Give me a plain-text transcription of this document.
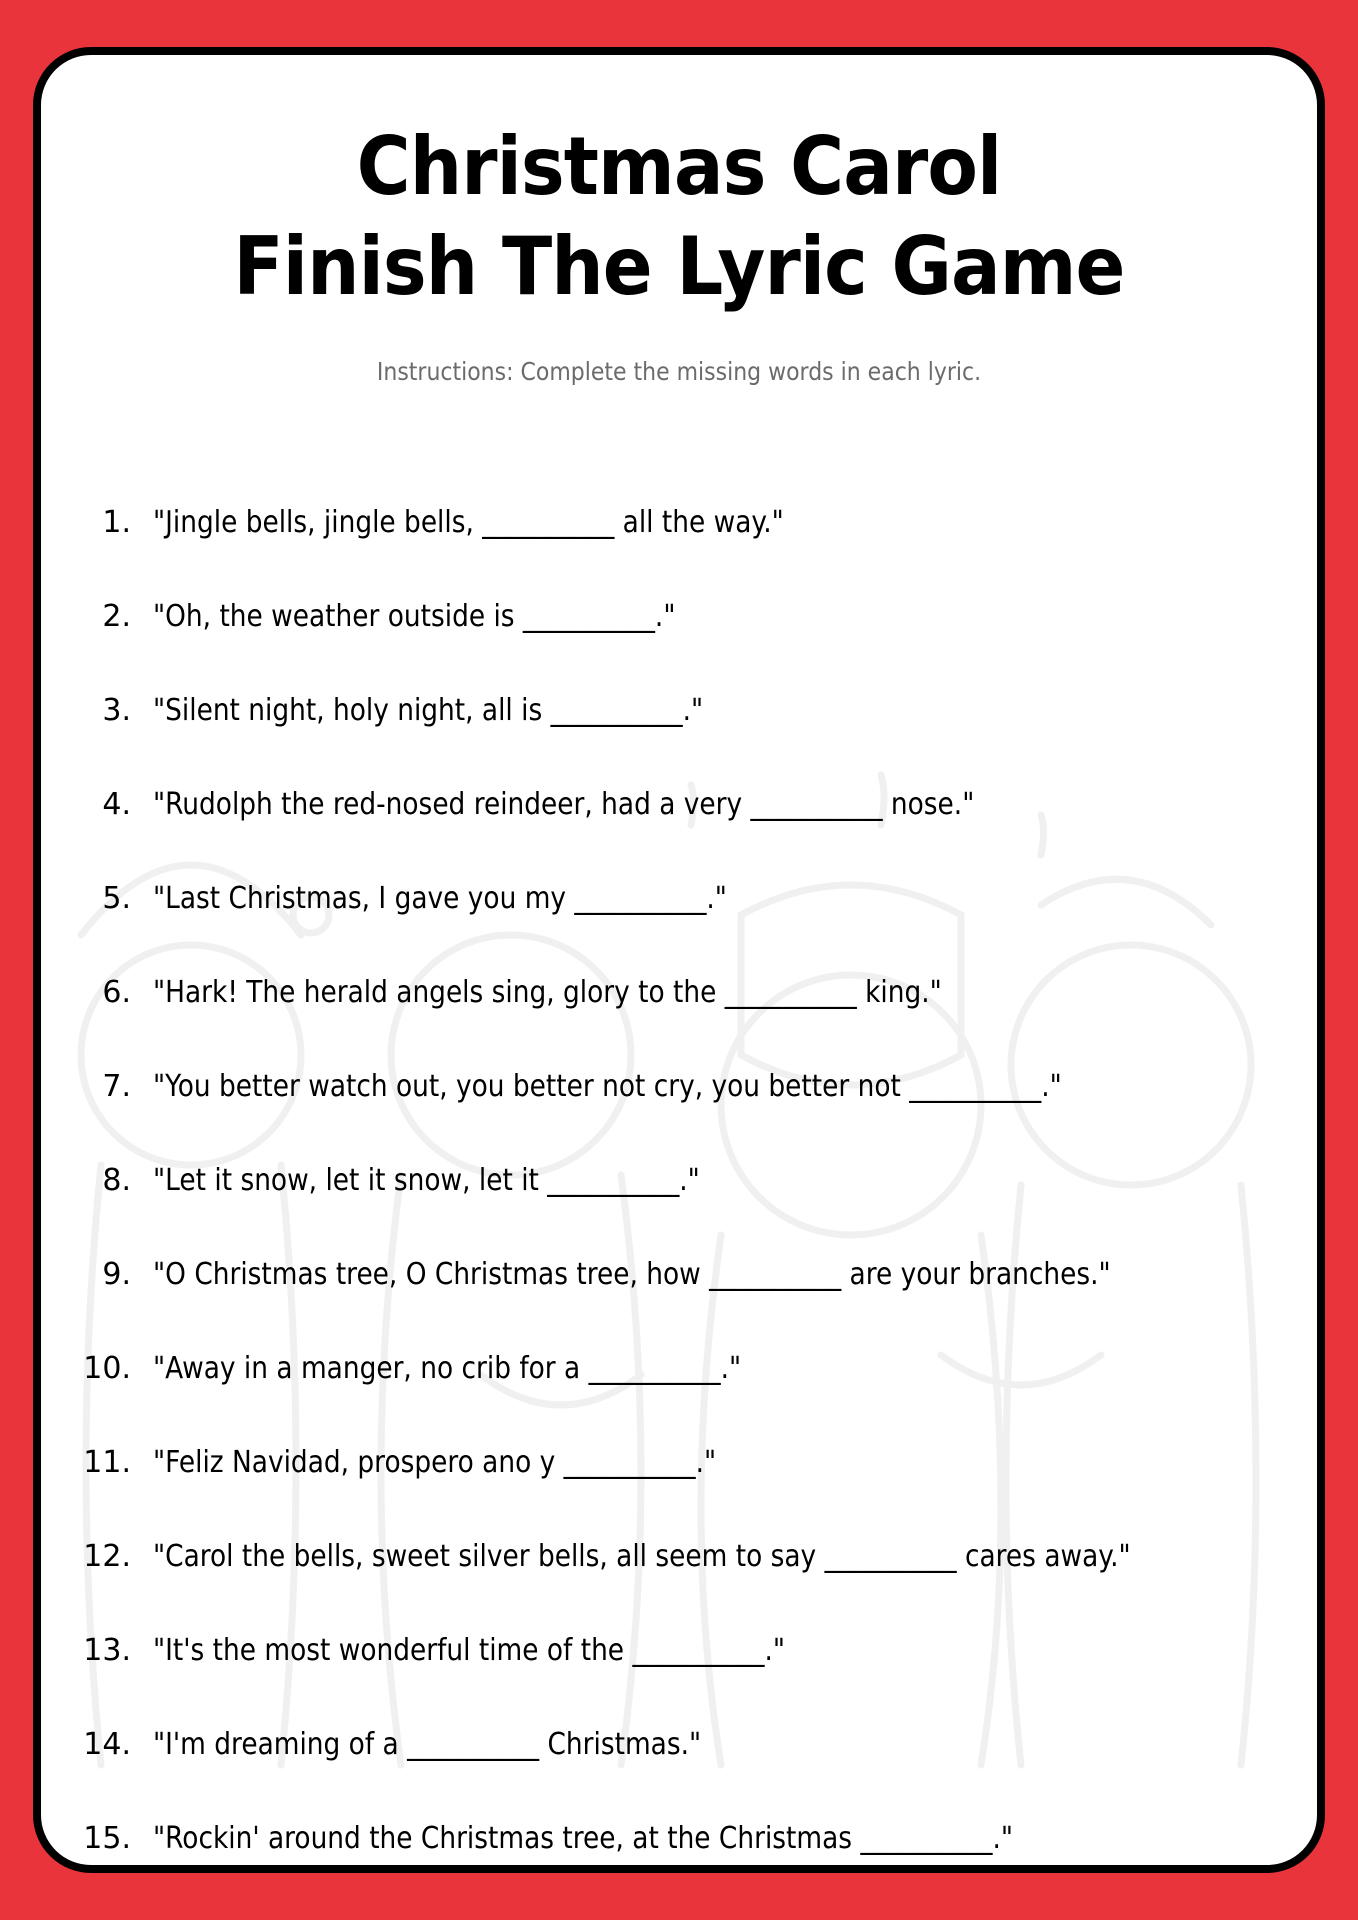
Christmas Carol
Finish The Lyric Game
Instructions: Complete the missing words in each lyric.
1. "Jingle bells, jingle bells, __________ all the way."
2. "Oh, the weather outside is __________."
3. "Silent night, holy night, all is __________."
4. "Rudolph the red-nosed reindeer, had a very __________ nose."
5. "Last Christmas, I gave you my __________."
6. "Hark! The herald angels sing, glory to the __________ king."
7. "You better watch out, you better not cry, you better not __________."
8. "Let it snow, let it snow, let it __________."
9. "O Christmas tree, O Christmas tree, how __________ are your branches."
10. "Away in a manger, no crib for a __________."
11. "Feliz Navidad, prospero ano y __________."
12. "Carol the bells, sweet silver bells, all seem to say __________ cares away."
13. "It's the most wonderful time of the __________."
14. "I'm dreaming of a __________ Christmas."
15. "Rockin' around the Christmas tree, at the Christmas __________."
